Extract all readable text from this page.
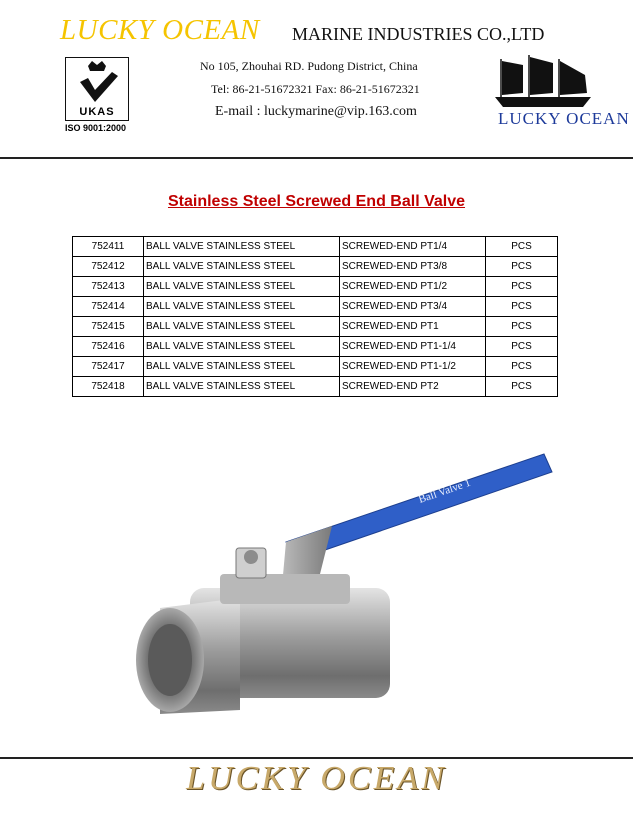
LUCKY OCEAN MARINE INDUSTRIES CO.,LTD
No 105, Zhouhai RD. Pudong District, China
Tel: 86-21-51672321 Fax: 86-21-51672321
E-mail : luckymarine@vip.163.com
UKAS
ISO 9001:2000	LUCKY OCEAN
Stainless Steel Screwed End Ball Valve
752411	BALL VALVE STAINLESS STEEL	SCREWED-END PT1/4	PCS
752412	BALL VALVE STAINLESS STEEL	SCREWED-END PT3/8	PCS
752413	BALL VALVE STAINLESS STEEL	SCREWED-END PT1/2	PCS
752414	BALL VALVE STAINLESS STEEL	SCREWED-END PT3/4	PCS
752415	BALL VALVE STAINLESS STEEL	SCREWED-END PT1	PCS
752416	BALL VALVE STAINLESS STEEL	SCREWED-END PT1-1/4	PCS
752417	BALL VALVE STAINLESS STEEL	SCREWED-END PT1-1/2	PCS
752418	BALL VALVE STAINLESS STEEL	SCREWED-END PT2	PCS
Ball Valve 1
LUCKY OCEAN
